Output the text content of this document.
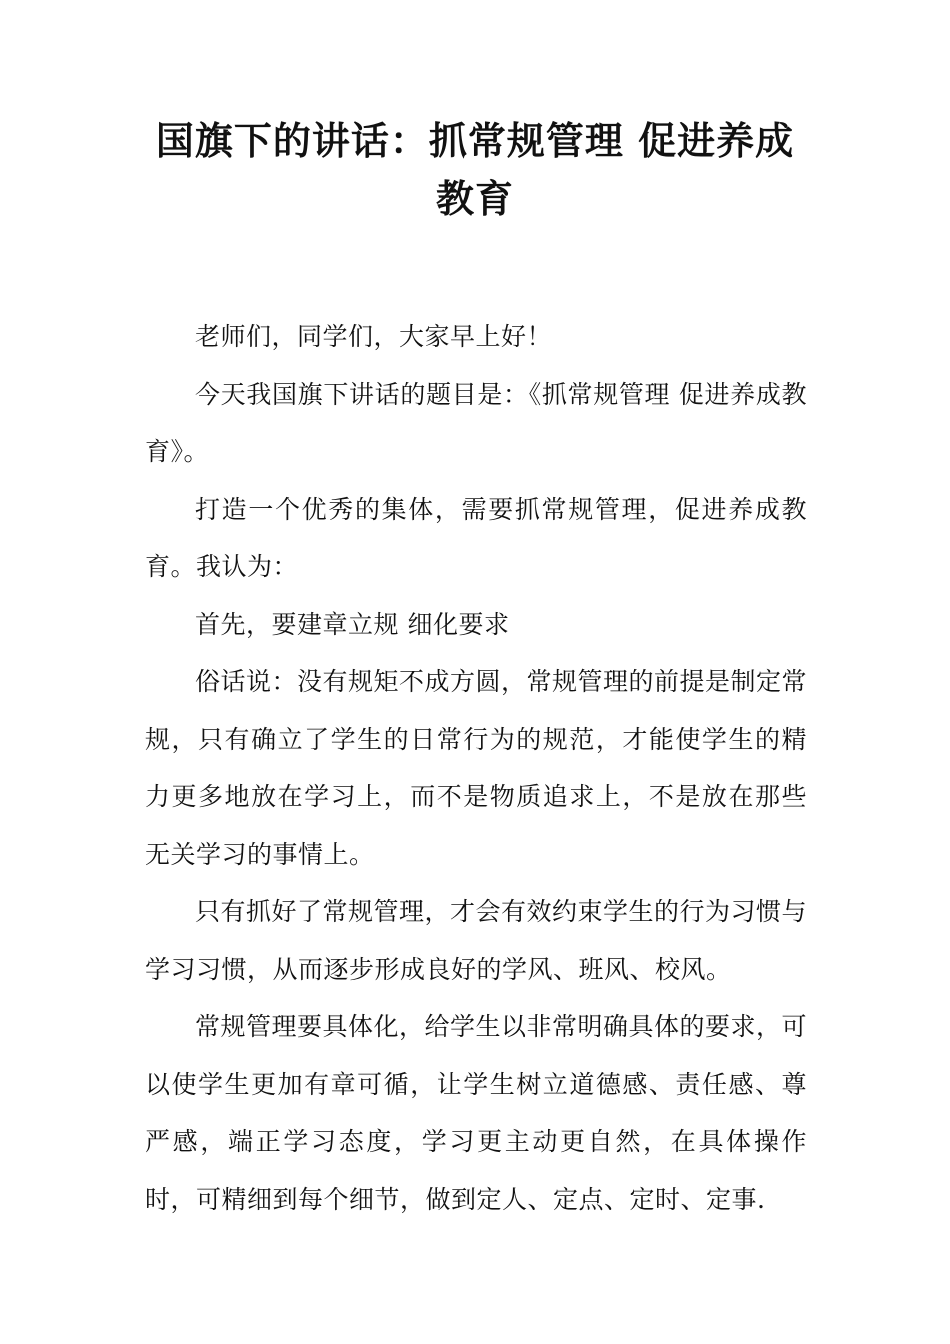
国旗下的讲话：抓常规管理 促进养成教育

老师们，同学们，大家早上好！

今天我国旗下讲话的题目是：《抓常规管理 促进养成教育》。

打造一个优秀的集体，需要抓常规管理，促进养成教育。我认为：

首先，要建章立规 细化要求

俗话说：没有规矩不成方圆，常规管理的前提是制定常规，只有确立了学生的日常行为的规范，才能使学生的精力更多地放在学习上，而不是物质追求上，不是放在那些无关学习的事情上。

只有抓好了常规管理，才会有效约束学生的行为习惯与学习习惯，从而逐步形成良好的学风、班风、校风。

常规管理要具体化，给学生以非常明确具体的要求，可以使学生更加有章可循，让学生树立道德感、责任感、尊严感，端正学习态度，学习更主动更自然，在具体操作时，可精细到每个细节，做到定人、定点、定时、定事.
